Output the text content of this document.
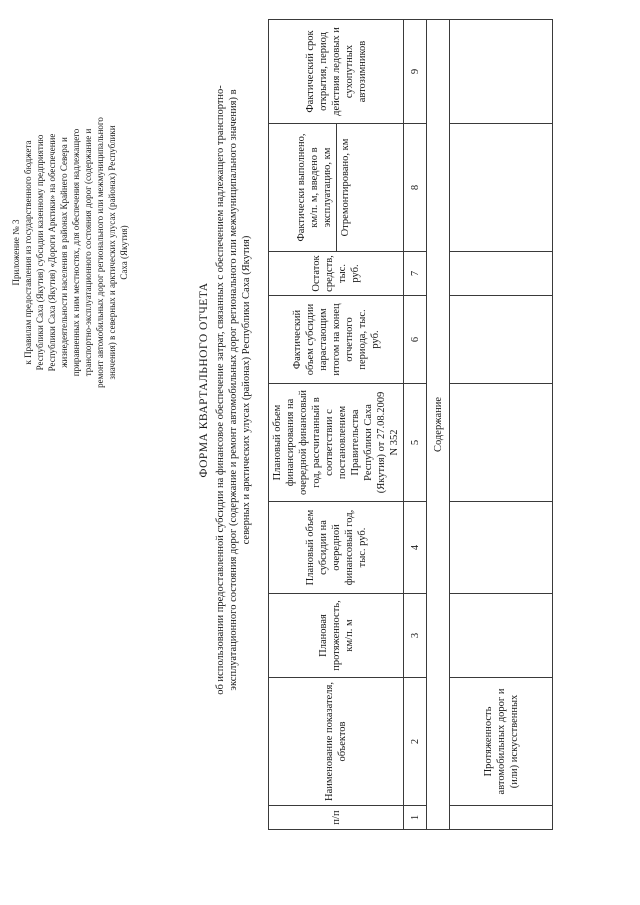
Приложение № 3 к Правилам предоставления из государственного бюджета Республики Саха (Якутия) субсидии казенному предприятию Республики Саха (Якутия) «Дороги Арктики» на обеспечение жизнедеятельности населения в районах Крайнего Севера и приравненных к ним местностях, для обеспечения надлежащего транспортно-эксплуатационного состояния дорог (содержание и ремонт автомобильных дорог регионального или межмуниципального значения) в северных и арктических улусах (районах) Республики Саха (Якутия)
ФОРМА КВАРТАЛЬНОГО ОТЧЕТА об использовании предоставленной субсидии на финансовое обеспечение затрат, связанных с обеспечением надлежащего транспортно- эксплуатационного состояния дорог (содержание и ремонт автомобильных дорог регионального или межмуниципального значения) в северных и арктических улусах (районах) Республики Саха (Якутия)
п/п	Наименование показателя, объектов	Плановая протяженность, км/п. м	Плановый объем субсидии на очередной финансовый год, тыс. руб.	Плановый объем финансирования на очередной финансовый год, рассчитанный в соответствии с постановлением Правительства Республики Саха (Якутия) от 27.08.2009 N 352	Фактический объем субсидии нарастающим итогом на конец отчетного периода, тыс. руб.	Остаток средств, тыс. руб.	Фактически выполнено, км/п. м, введено в эксплуатацию, км	Фактический срок открытия, период действия ледовых и сухопутных автозимников
							Отремонтировано, км	
1	2	3	4	5	6	7	8	9
Содержание								
	Протяженность автомобильных дорог и (или) искусственных							
